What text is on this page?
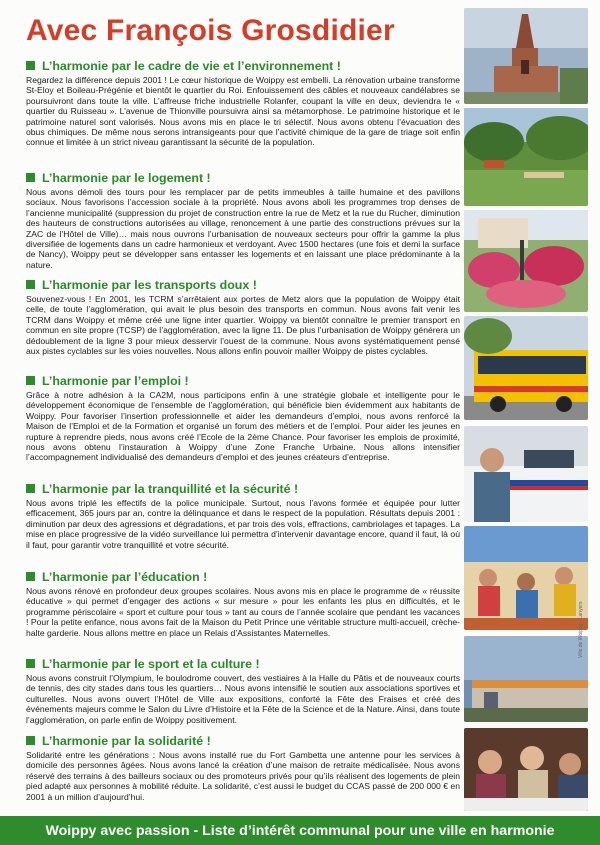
Avec François Grosdidier
L’harmonie par le cadre de vie et l’environnement !
Regardez la différence depuis 2001 ! Le cœur historique de Woippy est embelli. La rénovation urbaine transforme St-Eloy et Boileau-Prégénie et bientôt le quartier du Roi. Enfouissement des câbles et nouveaux candélabres se poursuivront dans toute la ville. L’affreuse friche industrielle Rolanfer, coupant la ville en deux, deviendra le « quartier du Ruisseau ». L’avenue de Thionville poursuivra ainsi sa métamorphose. Le patrimoine historique et le patrimoine naturel sont valorisés. Nous avons mis en place le tri sélectif. Nous avons obtenu l’évacuation des obus chimiques. De même nous serons intransigeants pour que l’activité chimique de la gare de triage soit enfin connue et limitée à un strict niveau garantissant la sécurité de la population.
L’harmonie par le logement !
Nous avons démoli des tours pour les remplacer par de petits immeubles à taille humaine et des pavillons sociaux. Nous favorisons l’accession sociale à la propriété. Nous avons aboli les programmes trop denses de l’ancienne municipalité (suppression du projet de construction entre la rue de Metz et la rue du Rucher, diminution des hauteurs de constructions autorisées au village, renoncement à une partie des constructions prévues sur la ZAC de l’Hôtel de Ville)… mais nous ouvrons l’urbanisation de nouveaux secteurs pour offrir la gamme la plus diversifiée de logements dans un cadre harmonieux et verdoyant. Avec 1500 hectares (une fois et demi la surface de Nancy), Woippy peut se développer sans entasser les logements et en laissant une place prédominante à la nature.
L’harmonie par les transports doux !
Souvenez-vous ! En 2001, les TCRM s’arrêtaient aux portes de Metz alors que la population de Woippy était celle, de toute l’agglomération, qui avait le plus besoin des transports en commun. Nous avons fait venir les TCRM dans Woippy et même créé une ligne inter quartier. Woippy va bientôt connaître le premier transport en commun en site propre (TCSP) de l’agglomération, avec la ligne 11. De plus l’urbanisation de Woippy générera un dédoublement de la ligne 3 pour mieux desservir l’ouest de la commune. Nous avons systématiquement pensé aux pistes cyclables sur les voies nouvelles. Nous allons enfin pouvoir mailler Woippy de pistes cyclables.
L’harmonie par l’emploi !
Grâce à notre adhésion à la CA2M, nous participons enfin à une stratégie globale et intelligente pour le développement économique de l’ensemble de l’agglomération, qui bénéficie bien évidemment aux habitants de Woippy. Pour favoriser l’insertion professionnelle et aider les demandeurs d’emploi, nous avons renforcé la Maison de l’Emploi et de la Formation et organisé un forum des métiers et de l’emploi. Pour aider les jeunes en rupture à reprendre pieds, nous avons créé l’Ecole de la 2ème Chance. Pour favoriser les emplois de proximité, nous avons obtenu l’instauration à Woippy d’une Zone Franche Urbaine. Nous allons intensifier l’accompagnement individualisé des demandeurs d’emploi et des jeunes créateurs d’entreprise.
L’harmonie par la tranquillité et la sécurité !
Nous avons triplé les effectifs de la police municipale. Surtout, nous l’avons formée et équipée pour lutter efficacement, 365 jours par an, contre la délinquance et dans le respect de la population. Résultats depuis 2001 : diminution par deux des agressions et dégradations, et par trois des vols, effractions, cambriolages et tapages. La mise en place progressive de la vidéo surveillance lui permettra d’intervenir davantage encore, quand il faut, là où il faut, pour garantir votre tranquillité et votre sécurité.
L’harmonie par l’éducation !
Nous avons rénové en profondeur deux groupes scolaires. Nous avons mis en place le programme de « réussite éducative » qui permet d’engager des actions « sur mesure » pour les enfants les plus en difficultés, et le programme périscolaire « sport et culture pour tous » tant au cours de l’année scolaire que pendant les vacances ! Pour la petite enfance, nous avons fait de la Maison du Petit Prince une véritable structure multi-accueil, crèche-halte garderie. Nous allons mettre en place un Relais d’Assistantes Maternelles.
L’harmonie par le sport et la culture !
Nous avons construit l’Olympium, le boulodrome couvert, des vestiaires à la Halle du Pâtis et de nouveaux courts de tennis, des city stades dans tous les quartiers… Nous avons intensifié le soutien aux associations sportives et culturelles. Nous avons ouvert l’Hôtel de Ville aux expositions, conforté la Fête des Fraises et créé des événements majeurs comme le Salon du Livre d’Histoire et la Fête de la Science et de la Nature. Ainsi, dans toute l’agglomération, on parle enfin de Woippy positivement.
L’harmonie par la solidarité !
Solidarité entre les générations : Nous avons installé rue du Fort Gambetta une antenne pour les services à domicile des personnes âgées. Nous avons lancé la création d’une maison de retraite médicalisée. Nous avons réservé des terrains à des bailleurs sociaux ou des promoteurs privés pour qu’ils réalisent des logements de plein pied adapté aux personnes à mobilité réduite. La solidarité, c’est aussi le budget du CCAS passé de 200 000 € en 2001 à un million d’aujourd’hui.
Ville de Woippy - Lanyers
Woippy avec passion - Liste d’intérêt communal pour une ville en harmonie
